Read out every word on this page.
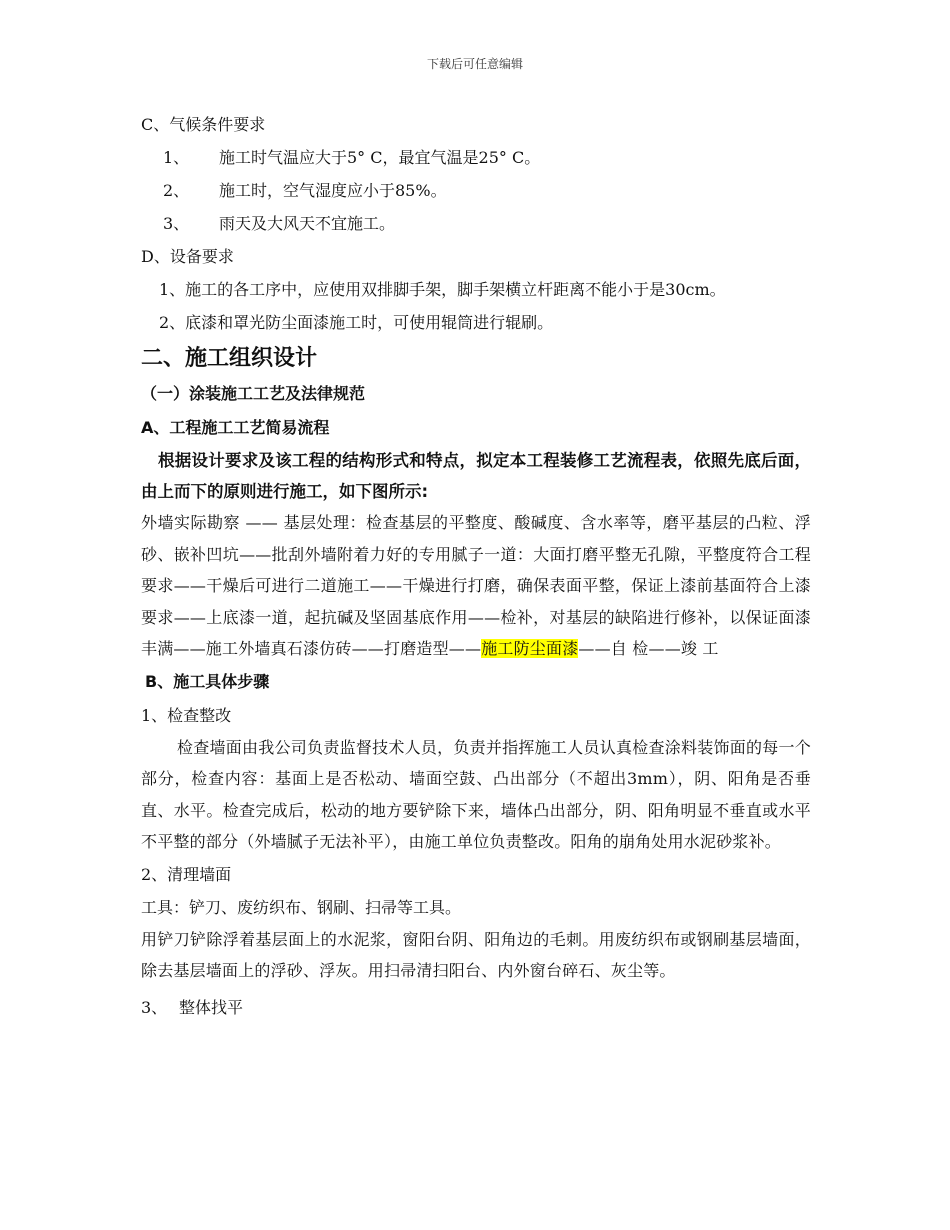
下载后可任意编辑

C、气候条件要求

1、 施工时气温应大于5° C，最宜气温是25° C。

2、 施工时，空气湿度应小于85%。

3、 雨天及大风天不宜施工。

D、设备要求

1、施工的各工序中，应使用双排脚手架，脚手架横立杆距离不能小于是30cm。

2、底漆和罩光防尘面漆施工时，可使用辊筒进行辊刷。

二、施工组织设计

（一）涂装施工工艺及法律规范

A、工程施工工艺简易流程

根据设计要求及该工程的结构形式和特点，拟定本工程装修工艺流程表，依照先底后面，由上而下的原则进行施工，如下图所示:

外墙实际勘察 —— 基层处理：检查基层的平整度、酸碱度、含水率等，磨平基层的凸粒、浮砂、嵌补凹坑——批刮外墙附着力好的专用腻子一道：大面打磨平整无孔隙，平整度符合工程要求——干燥后可进行二道施工——干燥进行打磨，确保表面平整，保证上漆前基面符合上漆要求——上底漆一道，起抗碱及坚固基底作用——检补，对基层的缺陷进行修补，以保证面漆丰满——施工外墙真石漆仿砖——打磨造型——施工防尘面漆——自 检——竣 工

B、施工具体步骤

1、检查整改

检查墙面由我公司负责监督技术人员，负责并指挥施工人员认真检查涂料装饰面的每一个部分，检查内容：基面上是否松动、墙面空鼓、凸出部分（不超出3mm），阴、阳角是否垂直、水平。检查完成后，松动的地方要铲除下来，墙体凸出部分，阴、阳角明显不垂直或水平不平整的部分（外墙腻子无法补平），由施工单位负责整改。阳角的崩角处用水泥砂浆补。

2、清理墙面

工具：铲刀、废纺织布、钢刷、扫帚等工具。

用铲刀铲除浮着基层面上的水泥浆，窗阳台阴、阳角边的毛刺。用废纺织布或钢刷基层墙面，除去基层墙面上的浮砂、浮灰。用扫帚清扫阳台、内外窗台碎石、灰尘等。

3、 整体找平
